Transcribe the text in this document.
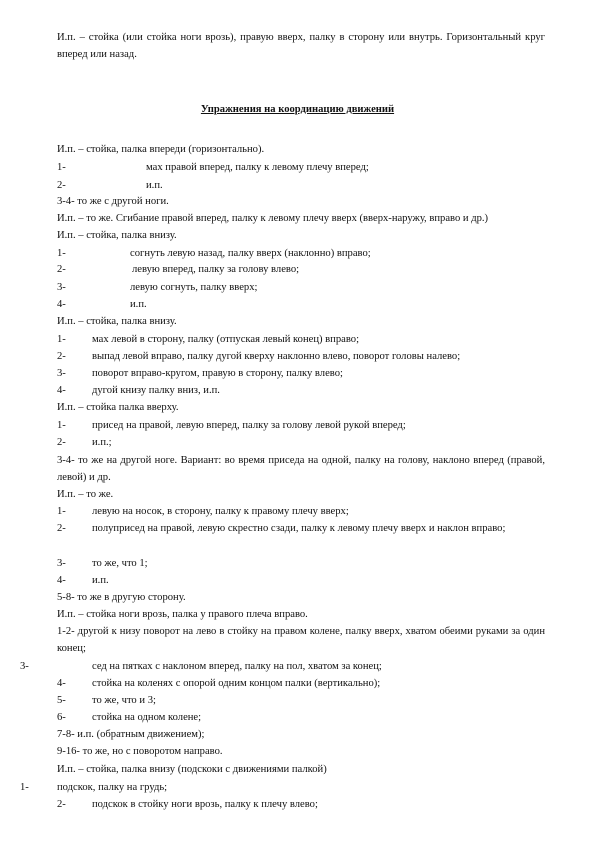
И.п. – стойка (или стойка ноги врозь), правую вверх, палку в сторону или внутрь. Горизонтальный круг вперед или назад.
Упражнения на координацию движений
И.п. – стойка, палка впереди (горизонтально).
1-	мах правой вперед, палку к левому плечу вперед;
2-	и.п.
3-4- то же с другой ноги.
И.п. – то же. Сгибание правой вперед, палку к левому плечу вверх (вверх-наружу, вправо и др.)
И.п. – стойка, палка внизу.
1-	согнуть левую назад, палку вверх (наклонно) вправо;
2-	левую вперед, палку за голову влево;
3-	левую согнуть, палку вверх;
4-	и.п.
И.п. – стойка, палка внизу.
1- мах левой в сторону, палку (отпуская левый конец) вправо;
2- выпад левой вправо, палку дугой кверху наклонно влево, поворот головы налево;
3- поворот вправо-кругом, правую в сторону, палку влево;
4- дугой книзу палку вниз, и.п.
И.п. – стойка палка вверху.
1- присед на правой, левую вперед, палку за голову левой рукой вперед;
2- и.п.;
3-4- то же на другой ноге. Вариант: во время приседа на одной, палку на голову, наклоно вперед (правой, левой) и др.
И.п. – то же.
1- левую на носок, в сторону, палку к правому плечу вверх;
2- полуприсед на правой, левую скрестно сзади, палку к левому плечу вверх и наклон вправо;
3- то же, что 1;
4- и.п.
5-8- то же в другую сторону.
И.п. – стойка ноги врозь, палка у правого плеча вправо.
1-2- другой к низу поворот на лево в стойку на правом колене, палку вверх, хватом обеими руками за один конец;
3-	сед на пятках с наклоном вперед, палку на пол, хватом за конец;
4- стойка на коленях с опорой одним концом палки (вертикально);
5- то же, что и 3;
6- стойка на одном колене;
7-8- и.п. (обратным движением);
9-16- то же, но с поворотом направо.
И.п. – стойка, палка внизу (подскоки с движениями палкой)
1-	подскок, палку на грудь;
2- подскок в стойку ноги врозь, палку к плечу влево;
